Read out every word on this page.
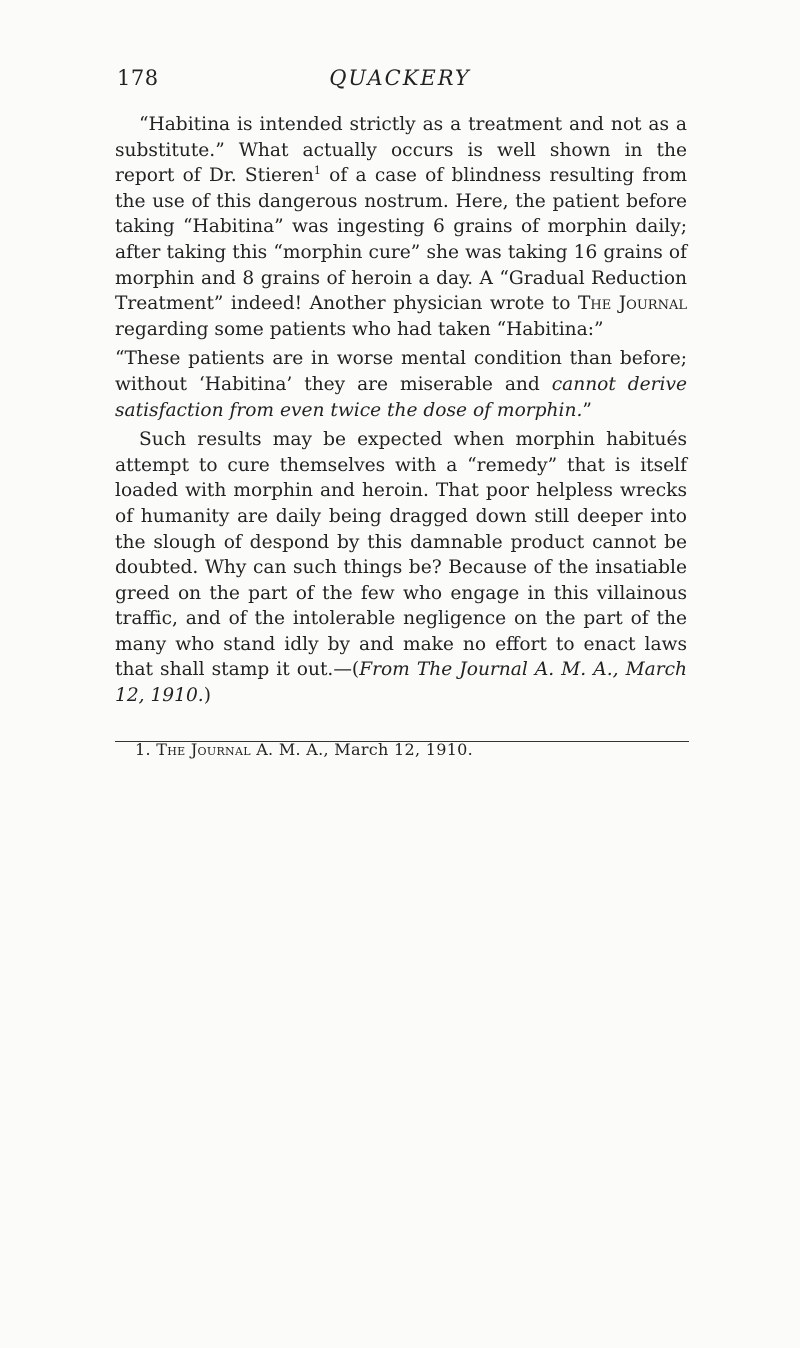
178	QUACKERY

“Habitina is intended strictly as a treatment and not as a substitute.” What actually occurs is well shown in the report of Dr. Stieren$^1$ of a case of blindness resulting from the use of this dangerous nostrum. Here, the patient before taking “Habitina” was ingesting 6 grains of morphin daily; after taking this “morphin cure” she was taking 16 grains of morphin and 8 grains of heroin a day. A “Gradual Reduction Treatment” indeed! Another physician wrote to The Journal regarding some patients who had taken “Habitina:”

“These patients are in worse mental condition than before; without ‘Habitina’ they are miserable and cannot derive satisfaction from even twice the dose of morphin.”

Such results may be expected when morphin habitués attempt to cure themselves with a “remedy” that is itself loaded with morphin and heroin. That poor helpless wrecks of humanity are daily being dragged down still deeper into the slough of despond by this damnable product cannot be doubted. Why can such things be? Because of the insatiable greed on the part of the few who engage in this villainous traffic, and of the intolerable negligence on the part of the many who stand idly by and make no effort to enact laws that shall stamp it out.—(From The Journal A. M. A., March 12, 1910.)

1. The Journal A. M. A., March 12, 1910.
